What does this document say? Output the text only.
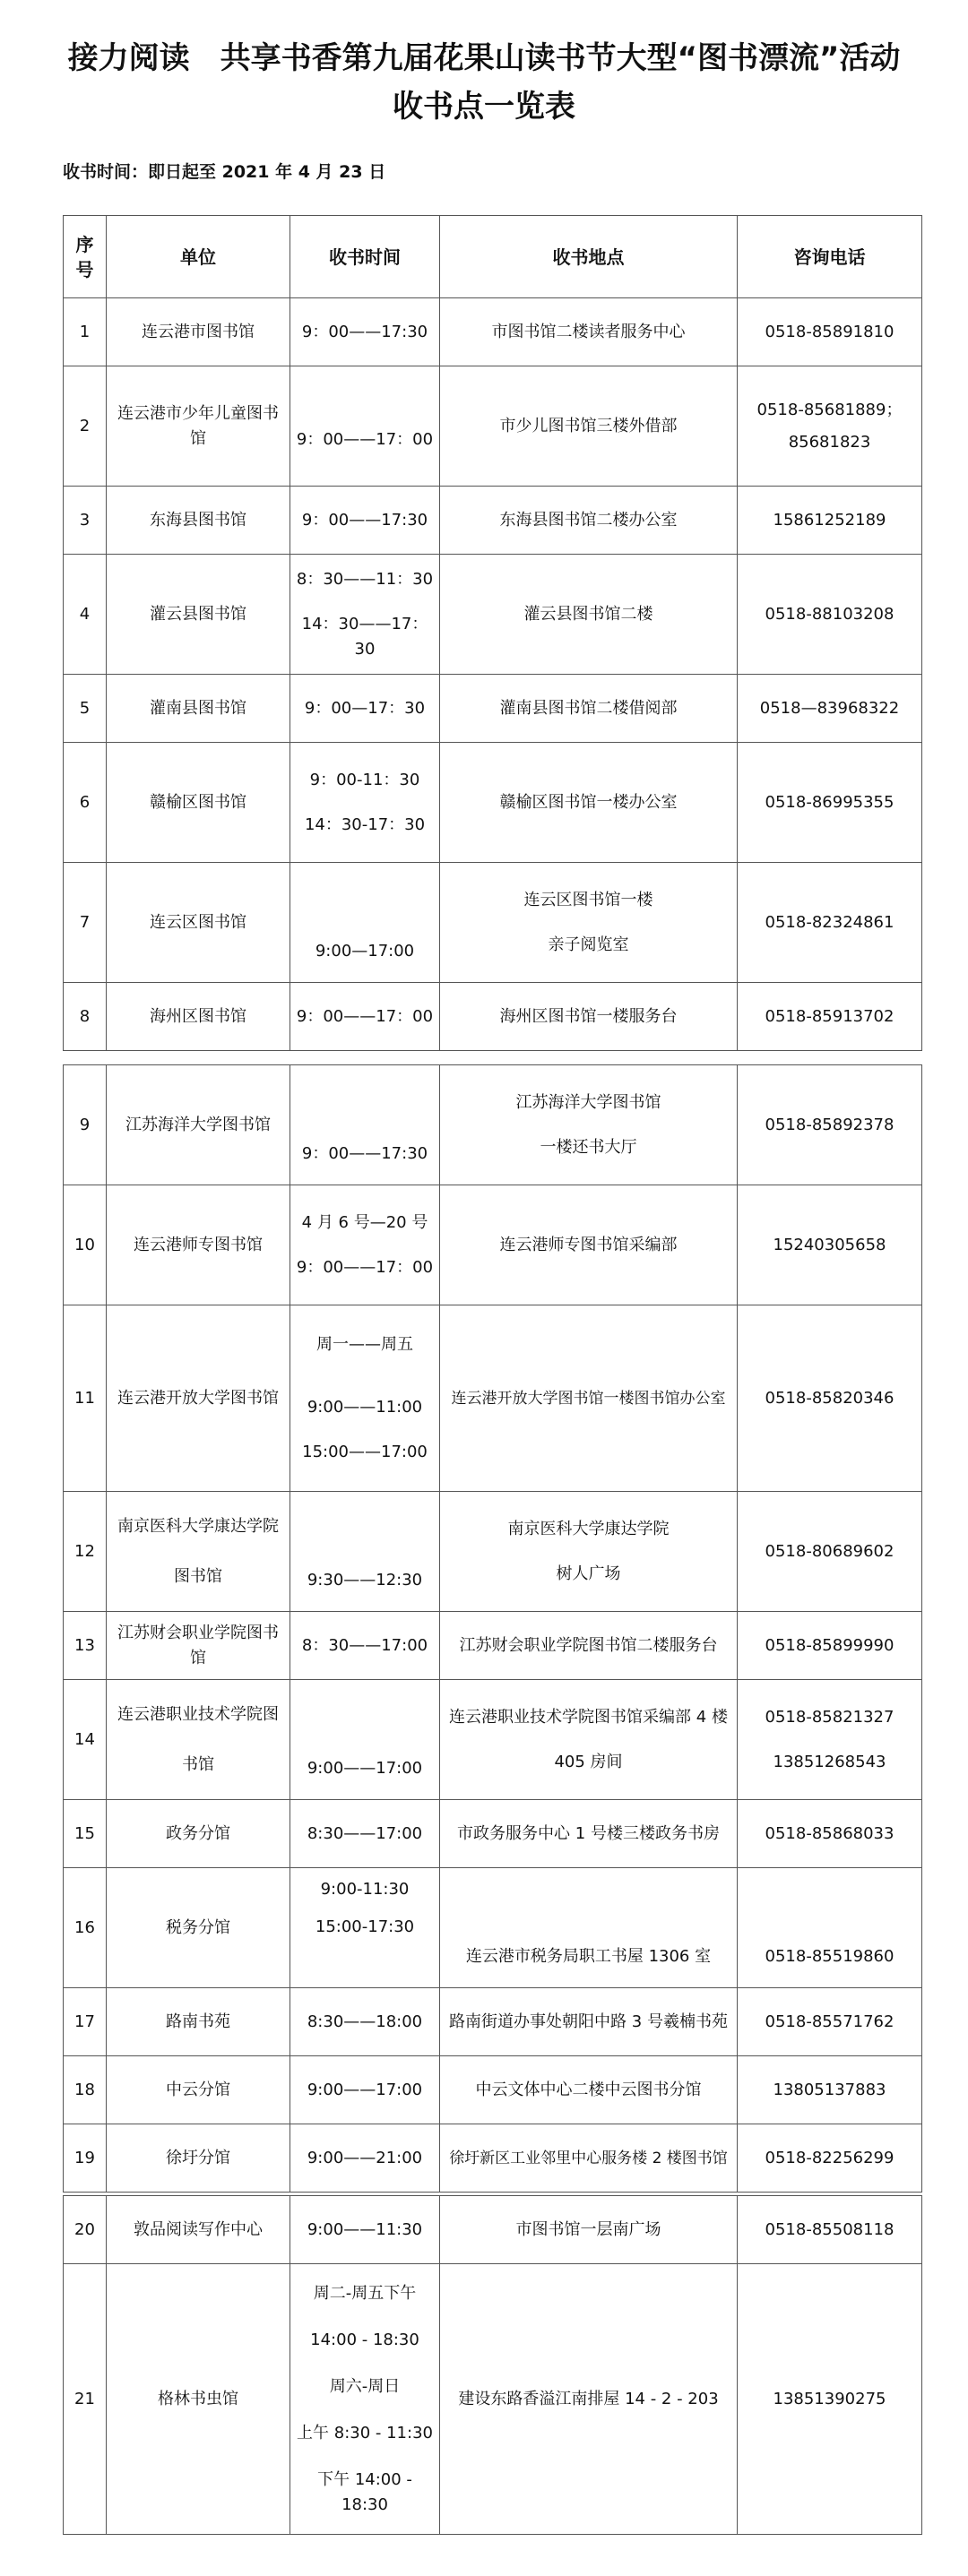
接力阅读　共享书香第九届花果山读书节大型“图书漂流”活动
收书点一览表
收书时间：即日起至 2021 年 4 月 23 日
序号	单位	收书时间	收书地点	咨询电话
1	连云港市图书馆	9：00——17:30	市图书馆二楼读者服务中心	0518-85891810

2	连云港市少年儿童图书馆	9：00——17：00	市少儿图书馆三楼外借部	0518-85681889；
85681823

3	东海县图书馆	9：00——17:30	东海县图书馆二楼办公室	15861252189

4	灌云县图书馆	8：30——11：30
14：30——17：30	灌云县图书馆二楼	0518-88103208

5	灌南县图书馆	9：00—17：30	灌南县图书馆二楼借阅部	0518—83968322

6	赣榆区图书馆	9：00-11：30
14：30-17：30	赣榆区图书馆一楼办公室	0518-86995355

7	连云区图书馆	9:00—17:00	连云区图书馆一楼
亲子阅览室	0518-82324861

8	海州区图书馆	9：00——17：00	海州区图书馆一楼服务台	0518-85913702
9	江苏海洋大学图书馆	9：00——17:30	江苏海洋大学图书馆
一楼还书大厅	0518-85892378

10	连云港师专图书馆	4 月 6 号—20 号
9：00——17：00	连云港师专图书馆采编部	15240305658

11	连云港开放大学图书馆	周一——周五
9:00——11:00
15:00——17:00	连云港开放大学图书馆一楼图书馆办公室	0518-85820346

12	南京医科大学康达学院图书馆	9:30——12:30	南京医科大学康达学院
树人广场	0518-80689602

13	江苏财会职业学院图书馆	8：30——17:00	江苏财会职业学院图书馆二楼服务台	0518-85899990

14	连云港职业技术学院图书馆	9:00——17:00	连云港职业技术学院图书馆采编部 4 楼
405 房间	0518-85821327
13851268543

15	政务分馆	8:30——17:00	市政务服务中心 1 号楼三楼政务书房	0518-85868033

16	税务分馆	9:00-11:30
15:00-17:30	连云港市税务局职工书屋 1306 室	0518-85519860

17	路南书苑	8:30——18:00	路南街道办事处朝阳中路 3 号羲楠书苑	0518-85571762

18	中云分馆	9:00——17:00	中云文体中心二楼中云图书分馆	13805137883

19	徐圩分馆	9:00——21:00	徐圩新区工业邻里中心服务楼 2 楼图书馆	0518-82256299
20	敦品阅读写作中心	9:00——11:30	市图书馆一层南广场	0518-85508118

21	格林书虫馆	周二-周五下午
14:00 - 18:30
周六-周日
上午 8:30 - 11:30
下午 14:00 - 18:30	建设东路香溢江南排屋 14 - 2 - 203	13851390275
